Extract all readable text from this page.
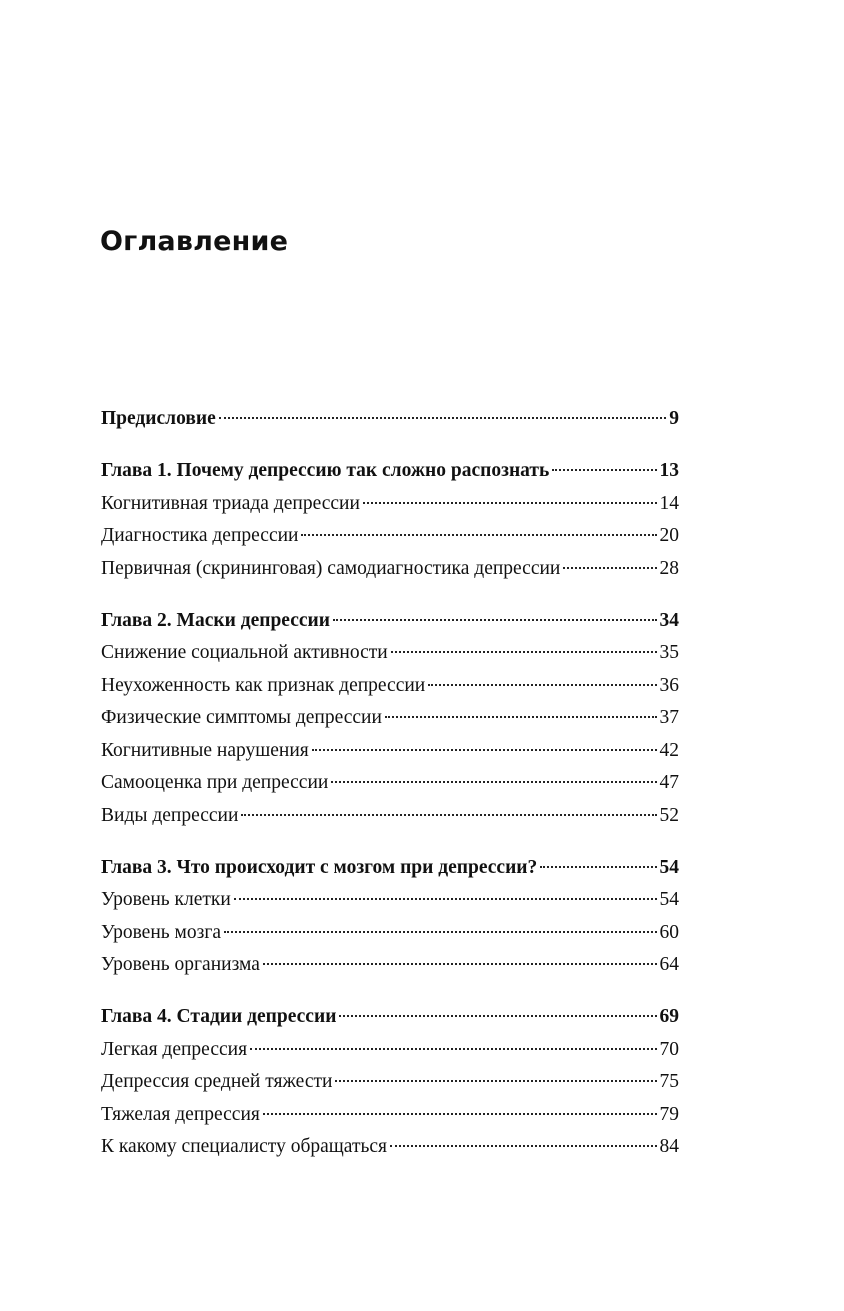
Оглавление
Предисловие	9
Глава 1. Почему депрессию так сложно распознать	13
Когнитивная триада депрессии	14
Диагностика депрессии	20
Первичная (скрининговая) самодиагностика депрессии	28
Глава 2. Маски депрессии	34
Снижение социальной активности	35
Неухоженность как признак депрессии	36
Физические симптомы депрессии	37
Когнитивные нарушения	42
Самооценка при депрессии	47
Виды депрессии	52
Глава 3. Что происходит с мозгом при депрессии?	54
Уровень клетки	54
Уровень мозга	60
Уровень организма	64
Глава 4. Стадии депрессии	69
Легкая депрессия	70
Депрессия средней тяжести	75
Тяжелая депрессия	79
К какому специалисту обращаться	84
